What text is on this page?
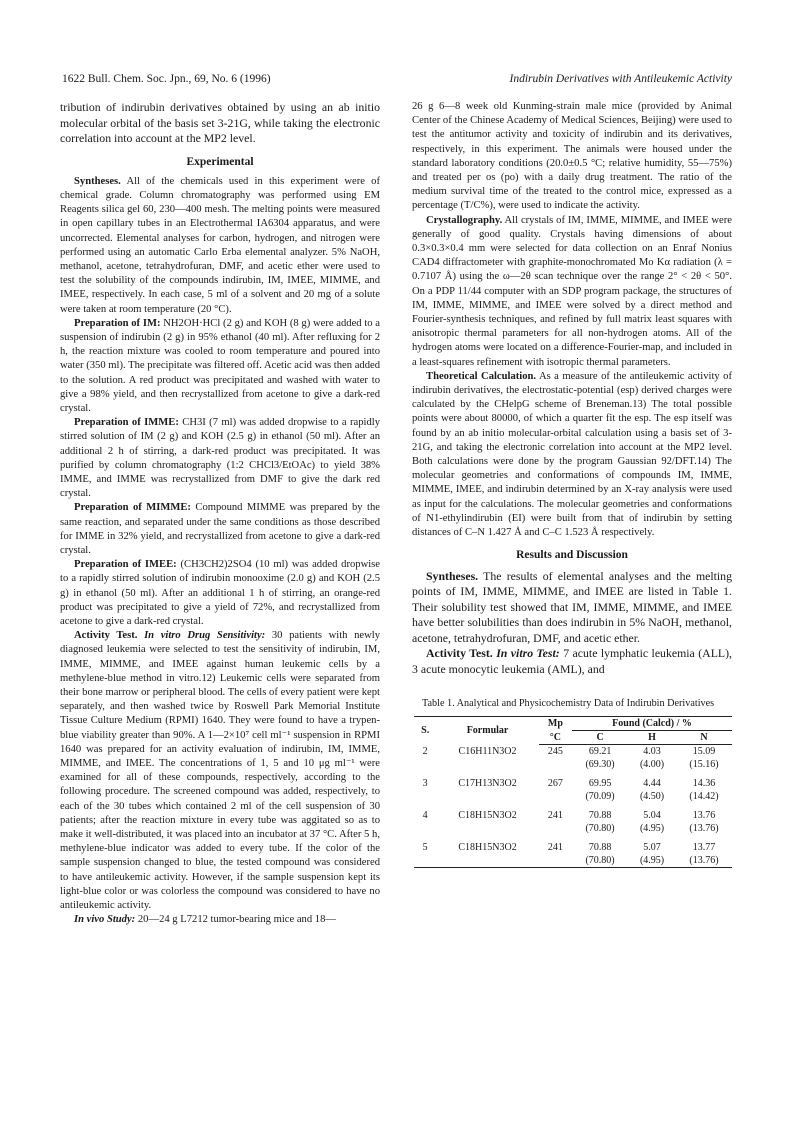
1622 Bull. Chem. Soc. Jpn., 69, No. 6 (1996)	Indirubin Derivatives with Antileukemic Activity

tribution of indirubin derivatives obtained by using an ab initio molecular orbital of the basis set 3-21G, while taking the electronic correlation into account at the MP2 level.

Experimental

Syntheses. All of the chemicals used in this experiment were of chemical grade. Column chromatography was performed using EM Reagents silica gel 60, 230—400 mesh. The melting points were measured in open capillary tubes in an Electrothermal IA6304 apparatus, and were uncorrected. Elemental analyses for carbon, hydrogen, and nitrogen were performed using an automatic Carlo Erba elemental analyzer. 5% NaOH, methanol, acetone, tetrahydrofuran, DMF, and acetic ether were used to test the solubility of the compounds indirubin, IM, IMEE, MIMME, and IMEE, respectively. In each case, 5 ml of a solvent and 20 mg of a solute were taken at room temperature (20 °C).

Preparation of IM: NH2OH·HCl (2 g) and KOH (8 g) were added to a suspension of indirubin (2 g) in 95% ethanol (40 ml). After refluxing for 2 h, the reaction mixture was cooled to room temperature and poured into water (350 ml). The precipitate was filtered off. Acetic acid was then added to the solution. A red product was precipitated and washed with water to give a 98% yield, and then recrystallized from acetone to give a dark-red crystal.

Preparation of IMME: CH3I (7 ml) was added dropwise to a rapidly stirred solution of IM (2 g) and KOH (2.5 g) in ethanol (50 ml). After an additional 2 h of stirring, a dark-red product was precipitated. It was purified by column chromatography (1:2 CHCl3/EtOAc) to yield 38% IMME, and IMME was recrystallized from DMF to give the dark red crystal.

Preparation of MIMME: Compound MIMME was prepared by the same reaction, and separated under the same conditions as those described for IMME in 32% yield, and recrystallized from acetone to give a dark-red crystal.

Preparation of IMEE: (CH3CH2)2SO4 (10 ml) was added dropwise to a rapidly stirred solution of indirubin monooxime (2.0 g) and KOH (2.5 g) in ethanol (50 ml). After an additional 1 h of stirring, an orange-red product was precipitated to give a yield of 72%, and recrystallized from acetone to give a dark-red crystal.

Activity Test. In vitro Drug Sensitivity: 30 patients with newly diagnosed leukemia were selected to test the sensitivity of indirubin, IM, IMME, MIMME, and IMEE against human leukemic cells by a methylene-blue method in vitro.12) Leukemic cells were separated from their bone marrow or peripheral blood. The cells of every patient were kept separately, and then washed twice by Roswell Park Memorial Institute Tissue Culture Medium (RPMI) 1640. They were found to have a trypen-blue viability greater than 90%. A 1—2×10⁷ cell ml⁻¹ suspension in RPMI 1640 was prepared for an activity evaluation of indirubin, IM, IMME, MIMME, and IMEE. The concentrations of 1, 5 and 10 μg ml⁻¹ were examined for all of these compounds, respectively, according to the following procedure. The screened compound was added, respectively, to each of the 30 tubes which contained 2 ml of the cell suspension of 30 patients; after the reaction mixture in every tube was aggitated so as to make it well-distributed, it was placed into an incubator at 37 °C. After 5 h, methylene-blue indicator was added to every tube. If the color of the sample suspension changed to blue, the tested compound was considered to have antileukemic activity. However, if the sample suspension kept its light-blue color or was colorless the compound was considered to have no antileukemic activity.

In vivo Study: 20—24 g L7212 tumor-bearing mice and 18—

26 g 6—8 week old Kunming-strain male mice (provided by Animal Center of the Chinese Academy of Medical Sciences, Beijing) were used to test the antitumor activity and toxicity of indirubin and its derivatives, respectively, in this experiment. The animals were housed under the standard laboratory conditions (20.0±0.5 °C; relative humidity, 55—75%) and treated per os (po) with a daily drug treatment. The ratio of the medium survival time of the treated to the control mice, expressed as a percentage (T/C%), were used to indicate the activity.

Crystallography. All crystals of IM, IMME, MIMME, and IMEE were generally of good quality. Crystals having dimensions of about 0.3×0.3×0.4 mm were selected for data collection on an Enraf Nonius CAD4 diffractometer with graphite-monochromated Mo Kα radiation (λ = 0.7107 Å) using the ω—2θ scan technique over the range 2° < 2θ < 50°. On a PDP 11/44 computer with an SDP program package, the structures of IM, IMME, MIMME, and IMEE were solved by a direct method and Fourier-synthesis techniques, and refined by full matrix least squares with anisotropic thermal parameters for all non-hydrogen atoms. All of the hydrogen atoms were located on a difference-Fourier-map, and included in a least-squares refinement with isotropic thermal parameters.

Theoretical Calculation. As a measure of the antileukemic activity of indirubin derivatives, the electrostatic-potential (esp) derived charges were calculated by the CHelpG scheme of Breneman.13) The total possible points were about 80000, of which a quarter fit the esp. The esp itself was found by an ab initio molecular-orbital calculation using a basis set of 3-21G, and taking the electronic correlation into account at the MP2 level. Both calculations were done by the program Gaussian 92/DFT.14) The molecular geometries and conformations of compounds IM, IMME, MIMME, IMEE, and indirubin determined by an X-ray analysis were used as input for the calculations. The molecular geometries and conformations of N1-ethylindirubin (EI) were built from that of indirubin by setting distances of C–N 1.427 Å and C–C 1.523 Å respectively.

Results and Discussion

Syntheses. The results of elemental analyses and the melting points of IM, IMME, MIMME, and IMEE are listed in Table 1. Their solubility test showed that IM, IMME, MIMME, and IMEE have better solubilities than does indirubin in 5% NaOH, methanol, acetone, tetrahydrofuran, DMF, and acetic ether.

Activity Test. In vitro Test: 7 acute lymphatic leukemia (ALL), 3 acute monocytic leukemia (AML), and

Table 1. Analytical and Physicochemistry Data of Indirubin Derivatives

S.	Formular	Mp	Found (Calcd) / %		
		°C	C	H	N
2	C16H11N3O2	245	69.21	4.03	15.09
			(69.30)	(4.00)	(15.16)
3	C17H13N3O2	267	69.95	4.44	14.36
			(70.09)	(4.50)	(14.42)
4	C18H15N3O2	241	70.88	5.04	13.76
			(70.80)	(4.95)	(13.76)
5	C18H15N3O2	241	70.88	5.07	13.77
			(70.80)	(4.95)	(13.76)
